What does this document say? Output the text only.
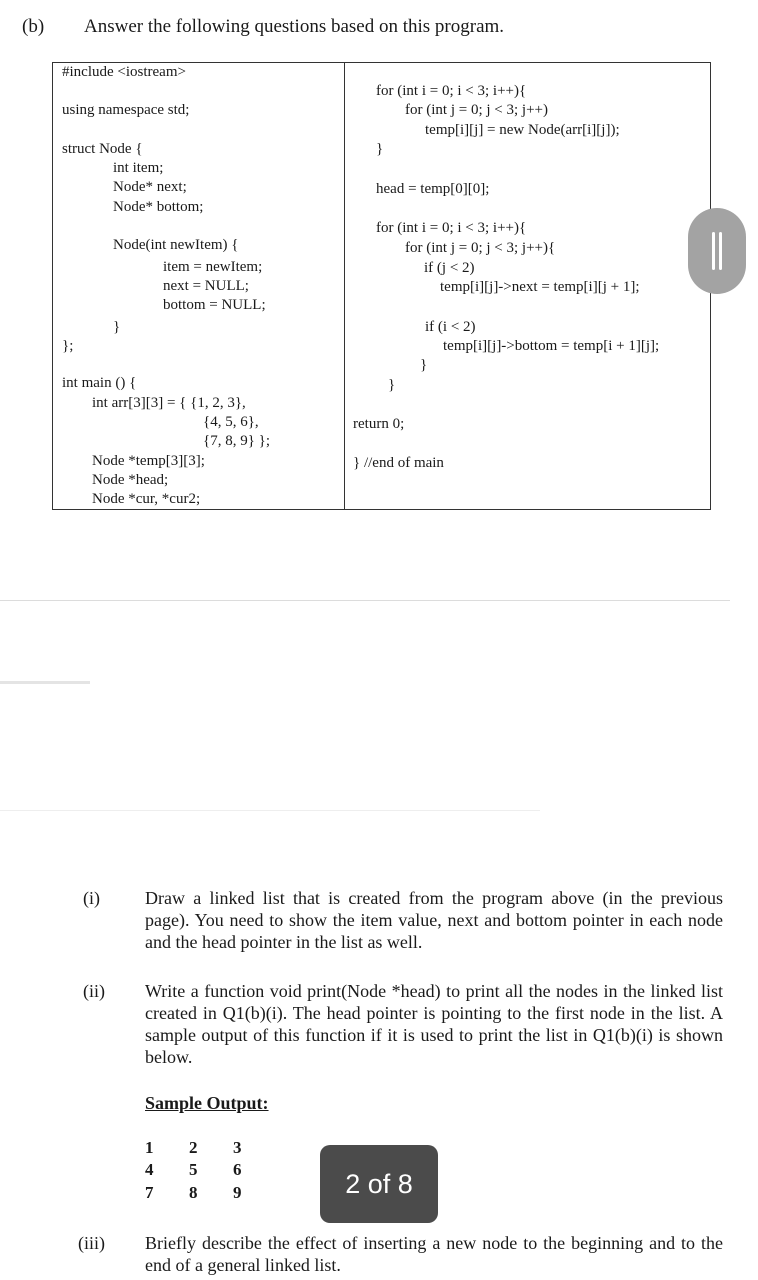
(b) Answer the following questions based on this program.
#include <iostream>
using namespace std;
struct Node {
int item;
Node* next;
Node* bottom;
Node(int newItem) {
item = newItem;
next = NULL;
bottom = NULL;
}
};
int main () {
int arr[3][3] = { {1, 2, 3},
{4, 5, 6},
{7, 8, 9} };
Node *temp[3][3];
Node *head;
Node *cur, *cur2;
for (int i = 0; i < 3; i++){
for (int j = 0; j < 3; j++)
temp[i][j] = new Node(arr[i][j]);
}
head = temp[0][0];
for (int i = 0; i < 3; i++){
for (int j = 0; j < 3; j++){
if (j < 2)
temp[i][j]->next = temp[i][j + 1];
if (i < 2)
temp[i][j]->bottom = temp[i + 1][j];
}
}
return 0;
} //end of main
(i)	Draw a linked list that is created from the program above (in the previous page). You need to show the item value, next and bottom pointer in each node and the head pointer in the list as well.
(ii) Write a function void print(Node *head) to print all the nodes in the linked list created in Q1(b)(i). The head pointer is pointing to the first node in the list. A sample output of this function if it is used to print the list in Q1(b)(i) is shown below.
Sample Output:
1 2 3
4 5 6
7 8 9	2 of 8
(iii) Briefly describe the effect of inserting a new node to the beginning and to the end of a general linked list.
